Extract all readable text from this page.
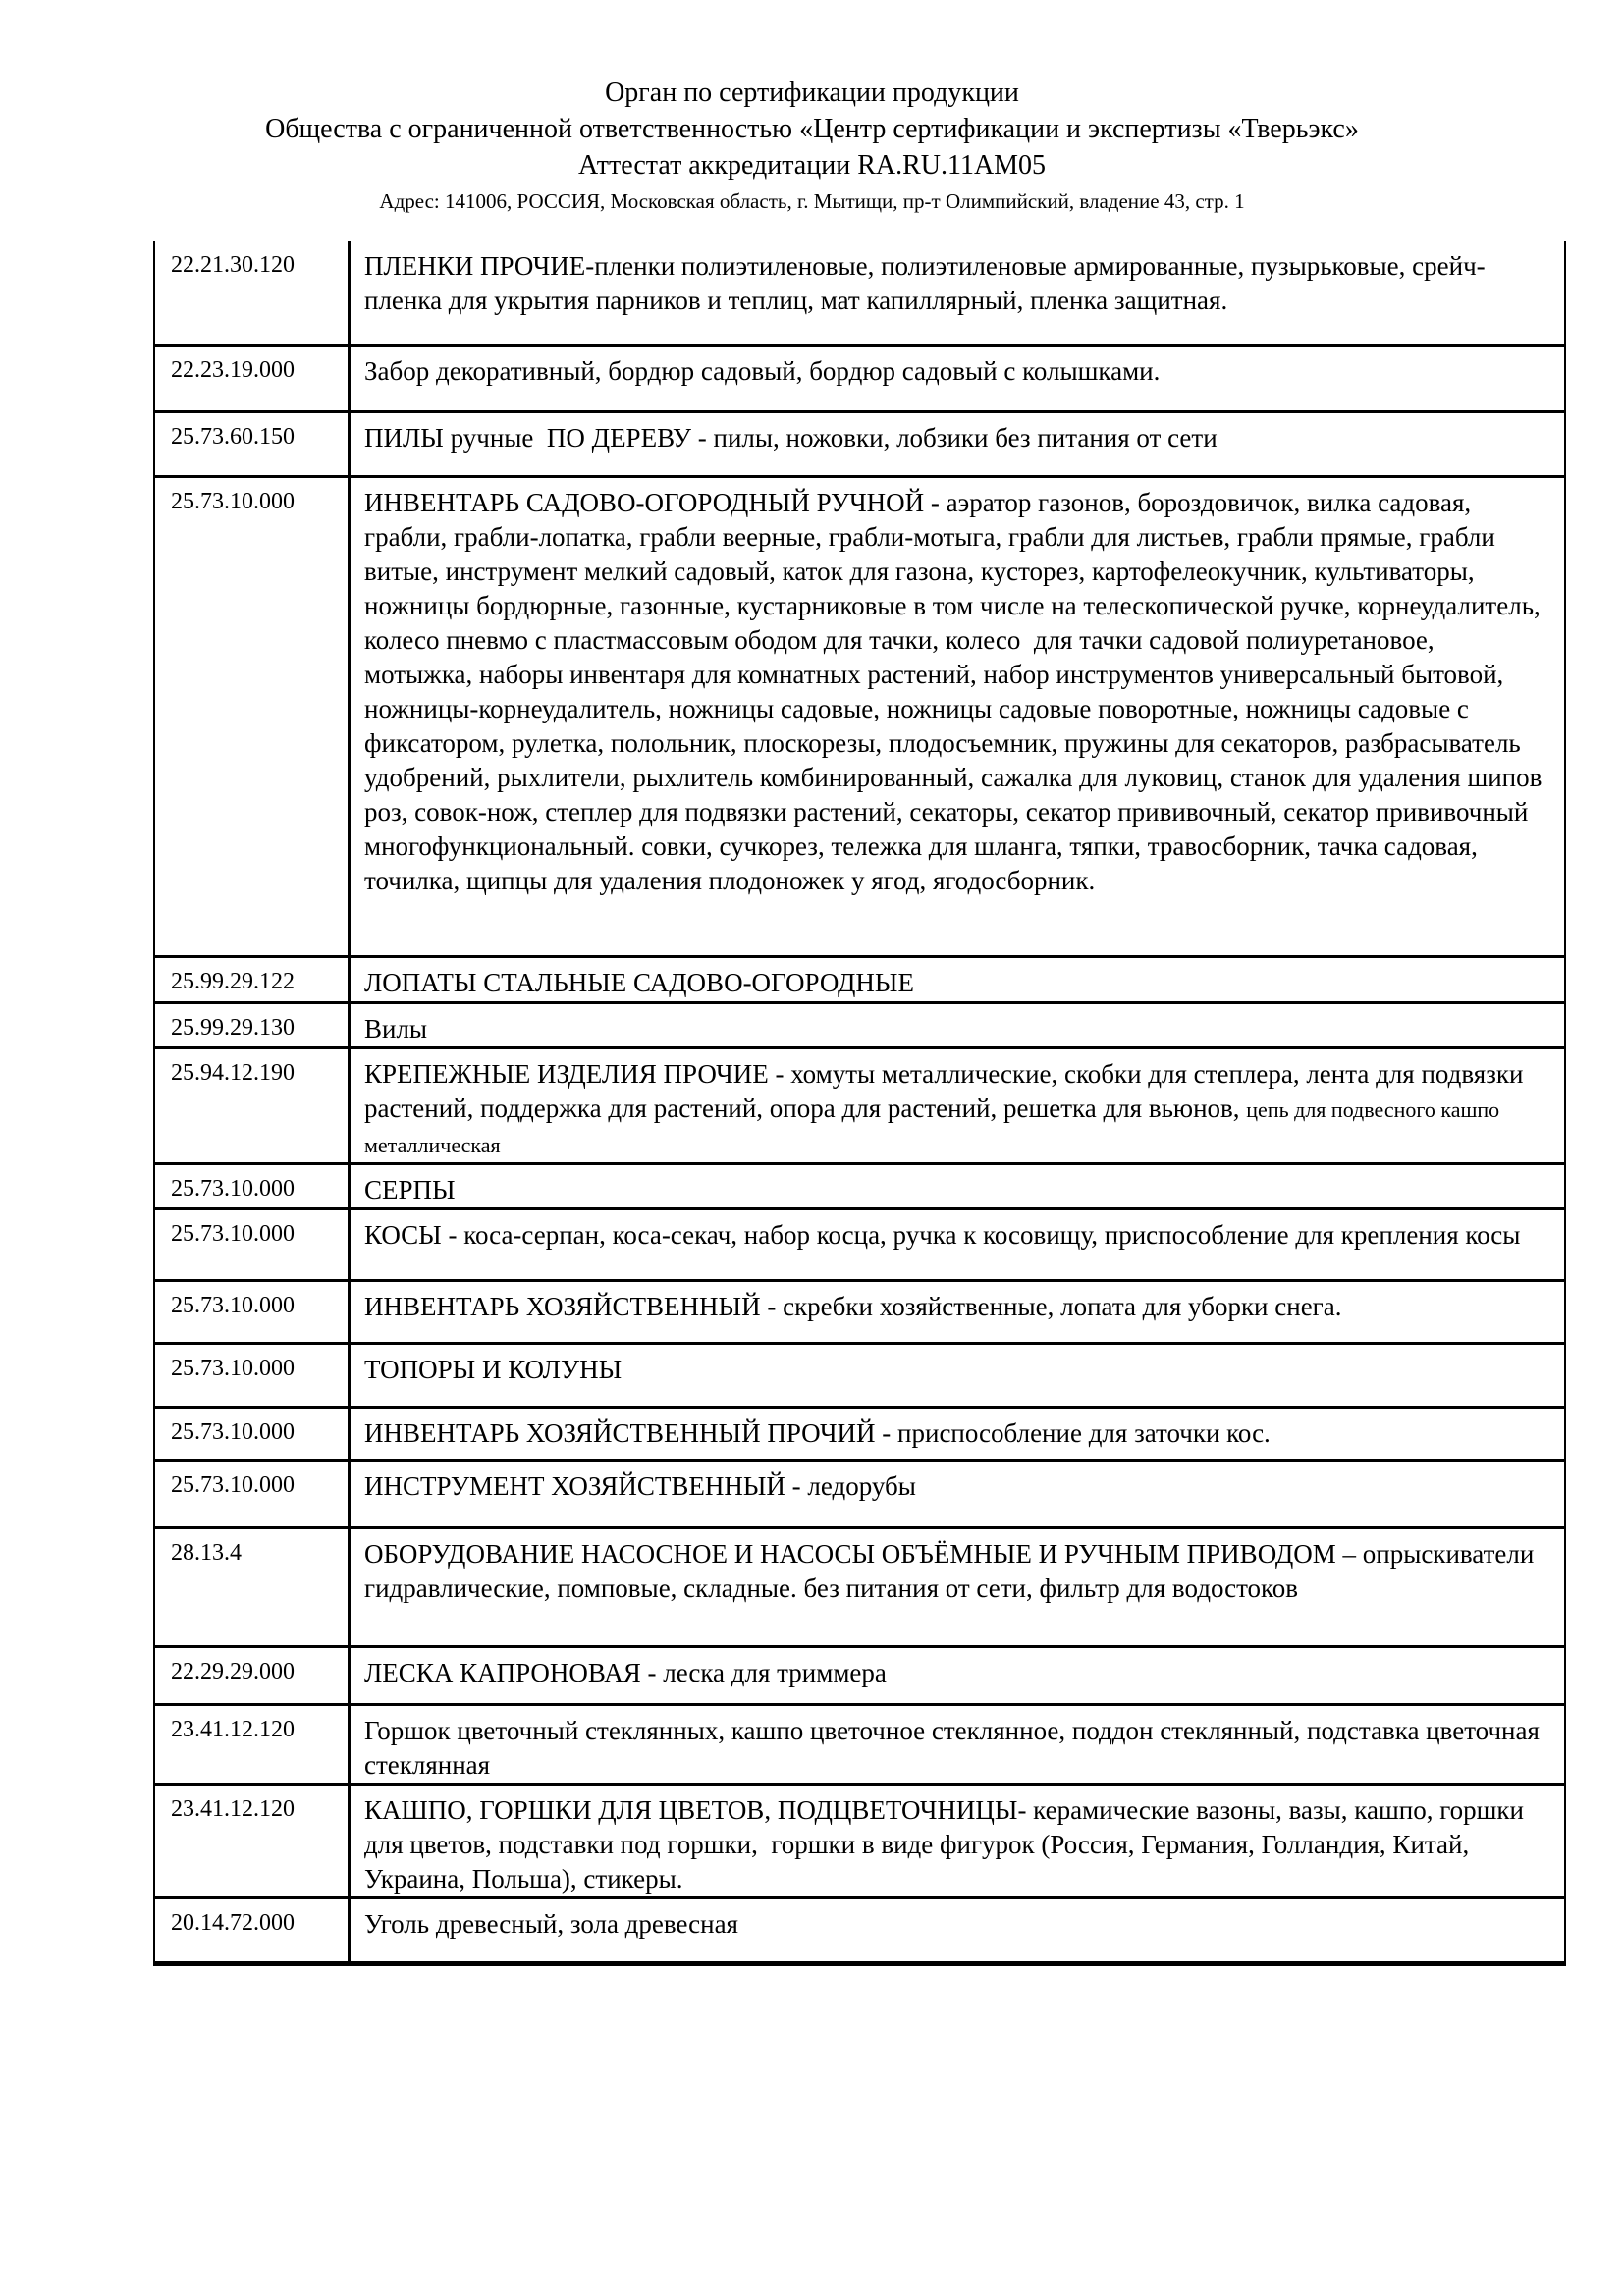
Орган по сертификации продукции
Общества с ограниченной ответственностью «Центр сертификации и экспертизы «Тверьэкс»
Аттестат аккредитации RA.RU.11АМ05
Адрес: 141006, РОССИЯ, Московская область, г. Мытищи, пр-т Олимпийский, владение 43, стр. 1
22.21.30.120	ПЛЕНКИ ПРОЧИЕ-пленки полиэтиленовые, полиэтиленовые армированные, пузырьковые, срейч-пленка для укрытия парников и теплиц, мат капиллярный, пленка защитная.
22.23.19.000	Забор декоративный, бордюр садовый, бордюр садовый с колышками.
25.73.60.150	ПИЛЫ ручные  ПО ДЕРЕВУ - пилы, ножовки, лобзики без питания от сети
25.73.10.000	ИНВЕНТАРЬ САДОВО-ОГОРОДНЫЙ РУЧНОЙ - аэратор газонов, бороздовичок, вилка садовая, грабли, грабли-лопатка, грабли веерные, грабли-мотыга, грабли для листьев, грабли прямые, грабли витые, инструмент мелкий садовый, каток для газона, кусторез, картофелеокучник, культиваторы, ножницы бордюрные, газонные, кустарниковые в том числе на телескопической ручке, корнеудалитель, колесо пневмо с пластмассовым ободом для тачки, колесо  для тачки садовой полиуретановое, мотыжка, наборы инвентаря для комнатных растений, набор инструментов универсальный бытовой, ножницы-корнеудалитель, ножницы садовые, ножницы садовые поворотные, ножницы садовые с фиксатором, рулетка, полольник, плоскорезы, плодосъемник, пружины для секаторов, разбрасыватель удобрений, рыхлители, рыхлитель комбинированный, сажалка для луковиц, станок для удаления шипов роз, совок-нож, степлер для подвязки растений, секаторы, секатор прививочный, секатор прививочный многофункциональный. совки, сучкорез, тележка для шланга, тяпки, травосборник, тачка садовая, точилка, щипцы для удаления плодоножек у ягод, ягодосборник.
25.99.29.122	ЛОПАТЫ СТАЛЬНЫЕ САДОВО-ОГОРОДНЫЕ
25.99.29.130	Вилы
25.94.12.190	КРЕПЕЖНЫЕ ИЗДЕЛИЯ ПРОЧИЕ - хомуты металлические, скобки для степлера, лента для подвязки растений, поддержка для растений, опора для растений, решетка для вьюнов, цепь для подвесного кашпо металлическая
25.73.10.000	СЕРПЫ
25.73.10.000	КОСЫ - коса-серпан, коса-секач, набор косца, ручка к косовищу, приспособление для крепления косы
25.73.10.000	ИНВЕНТАРЬ ХОЗЯЙСТВЕННЫЙ - скребки хозяйственные, лопата для уборки снега.
25.73.10.000	ТОПОРЫ И КОЛУНЫ
25.73.10.000	ИНВЕНТАРЬ ХОЗЯЙСТВЕННЫЙ ПРОЧИЙ - приспособление для заточки кос.
25.73.10.000	ИНСТРУМЕНТ ХОЗЯЙСТВЕННЫЙ - ледорубы
28.13.4	ОБОРУДОВАНИЕ НАСОСНОЕ И НАСОСЫ ОБЪЁМНЫЕ И РУЧНЫМ ПРИВОДОМ – опрыскиватели гидравлические, помповые, складные. без питания от сети, фильтр для водостоков
22.29.29.000	ЛЕСКА КАПРОНОВАЯ - леска для триммера
23.41.12.120	Горшок цветочный стеклянных, кашпо цветочное стеклянное, поддон стеклянный, подставка цветочная стеклянная
23.41.12.120	КАШПО, ГОРШКИ ДЛЯ ЦВЕТОВ, ПОДЦВЕТОЧНИЦЫ- керамические вазоны, вазы, кашпо, горшки для цветов, подставки под горшки,  горшки в виде фигурок (Россия, Германия, Голландия, Китай, Украина, Польша), стикеры.
20.14.72.000	Уголь древесный, зола древесная
